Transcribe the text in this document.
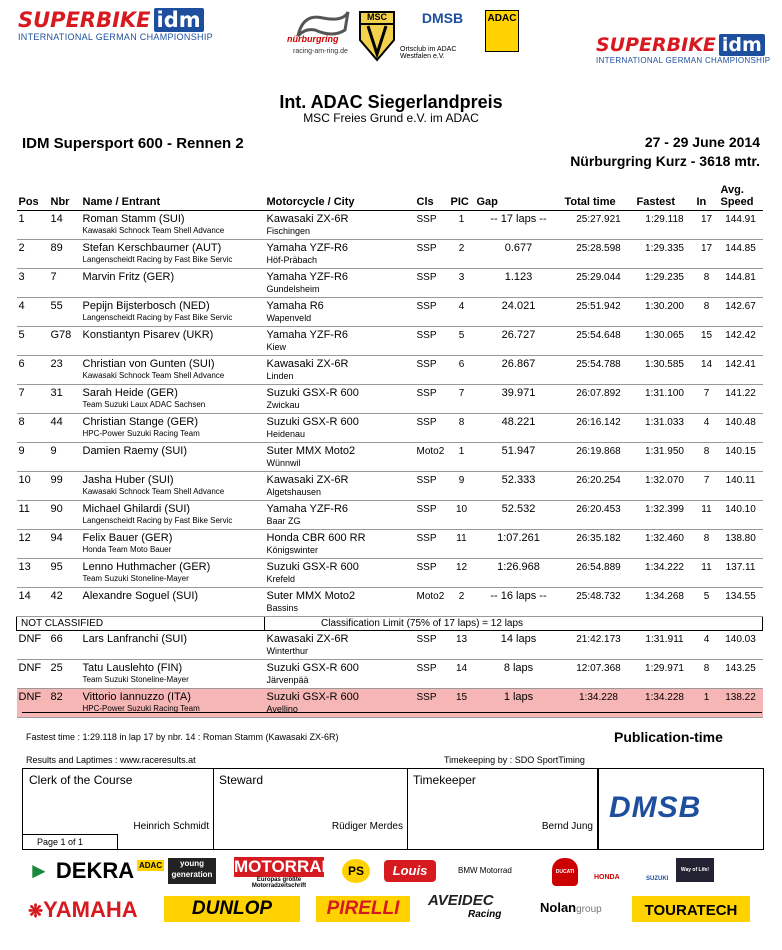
SUPERBIKE idm
INTERNATIONAL GERMAN CHAMPIONSHIP	nürburgring
racing-am-ring.de
MSC	DMSB
Ortsclub im ADAC Westfalen e.V.
ADAC
SUPERBIKE idm
INTERNATIONAL GERMAN CHAMPIONSHIP
Int. ADAC Siegerlandpreis
MSC Freies Grund e.V. im ADAC
IDM Supersport 600 - Rennen 2	27 - 29 June 2014
Nürburgring Kurz - 3618 mtr.
Pos	Nbr	Name / Entrant	Motorcycle / City	Cls	PIC	Gap	Total time	Fastest	In	Avg.
Speed
1	14	Roman Stamm (SUI)
Kawasaki Schnock Team Shell Advance	Kawasaki ZX-6R
Fischingen	SSP	1	-- 17 laps --	25:27.921	1:29.118	17	144.91
2	89	Stefan Kerschbaumer (AUT)
Langenscheidt Racing by Fast Bike Servic	Yamaha YZF-R6
Höf-Präbach	SSP	2	0.677	25:28.598	1:29.335	17	144.85
3	7	Marvin Fritz (GER)	Yamaha YZF-R6
Gundelsheim	SSP	3	1.123	25:29.044	1:29.235	8	144.81
4	55	Pepijn Bijsterbosch (NED)
Langenscheidt Racing by Fast Bike Servic	Yamaha R6
Wapenveld	SSP	4	24.021	25:51.942	1:30.200	8	142.67
5	G78	Konstiantyn Pisarev (UKR)	Yamaha YZF-R6
Kiew	SSP	5	26.727	25:54.648	1:30.065	15	142.42
6	23	Christian von Gunten (SUI)
Kawasaki Schnock Team Shell Advance	Kawasaki ZX-6R
Linden	SSP	6	26.867	25:54.788	1:30.585	14	142.41
7	31	Sarah Heide (GER)
Team Suzuki Laux ADAC Sachsen	Suzuki GSX-R 600
Zwickau	SSP	7	39.971	26:07.892	1:31.100	7	141.22
8	44	Christian Stange (GER)
HPC-Power Suzuki Racing Team	Suzuki GSX-R 600
Heidenau	SSP	8	48.221	26:16.142	1:31.033	4	140.48
9	9	Damien Raemy (SUI)	Suter MMX Moto2
Wünnwil	Moto2	1	51.947	26:19.868	1:31.950	8	140.15
10	99	Jasha Huber (SUI)
Kawasaki Schnock Team Shell Advance	Kawasaki ZX-6R
Algetshausen	SSP	9	52.333	26:20.254	1:32.070	7	140.11
11	90	Michael Ghilardi (SUI)
Langenscheidt Racing by Fast Bike Servic	Yamaha YZF-R6
Baar ZG	SSP	10	52.532	26:20.453	1:32.399	11	140.10
12	94	Felix Bauer (GER)
Honda Team Moto Bauer	Honda CBR 600 RR
Königswinter	SSP	11	1:07.261	26:35.182	1:32.460	8	138.80
13	95	Lenno Huthmacher (GER)
Team Suzuki Stoneline-Mayer	Suzuki GSX-R 600
Krefeld	SSP	12	1:26.968	26:54.889	1:34.222	11	137.11
14	42	Alexandre Soguel (SUI)	Suter MMX Moto2
Bassins	Moto2	2	-- 16 laps --	25:48.732	1:34.268	5	134.55
NOT CLASSIFIED			Classification Limit (75% of 17 laps) = 12 laps							
DNF	66	Lars Lanfranchi (SUI)	Kawasaki ZX-6R
Winterthur	SSP	13	14 laps	21:42.173	1:31.911	4	140.03
DNF	25	Tatu Lauslehto (FIN)
Team Suzuki Stoneline-Mayer	Suzuki GSX-R 600
Järvenpää	SSP	14	8 laps	12:07.368	1:29.971	8	143.25
DNF	82	Vittorio Iannuzzo (ITA)
HPC-Power Suzuki Racing Team	Suzuki GSX-R 600
Avellino	SSP	15	1 laps	1:34.228	1:34.228	1	138.22
Fastest time : 1:29.118 in lap 17 by nbr. 14 : Roman Stamm (Kawasaki ZX-6R)
Results and Laptimes : www.raceresults.at	Timekeeping by : SDO SportTiming
Publication-time
Clerk of the Course
Heinrich Schmidt
Steward
Rüdiger Merdes
Timekeeper
Bernd Jung
Page 1 of 1
DMSB
► DEKRA ADAC	young generation MOTORRAD
Europas größte Motorradzeitschrift
PS	Louis	BMW Motorrad	DUCATI
HONDA	SUZUKI
Way of Life!
❋YAMAHA	DUNLOP	PIRELLI	AVEIDEC
Racing	Nolangroup	TOURATECH
